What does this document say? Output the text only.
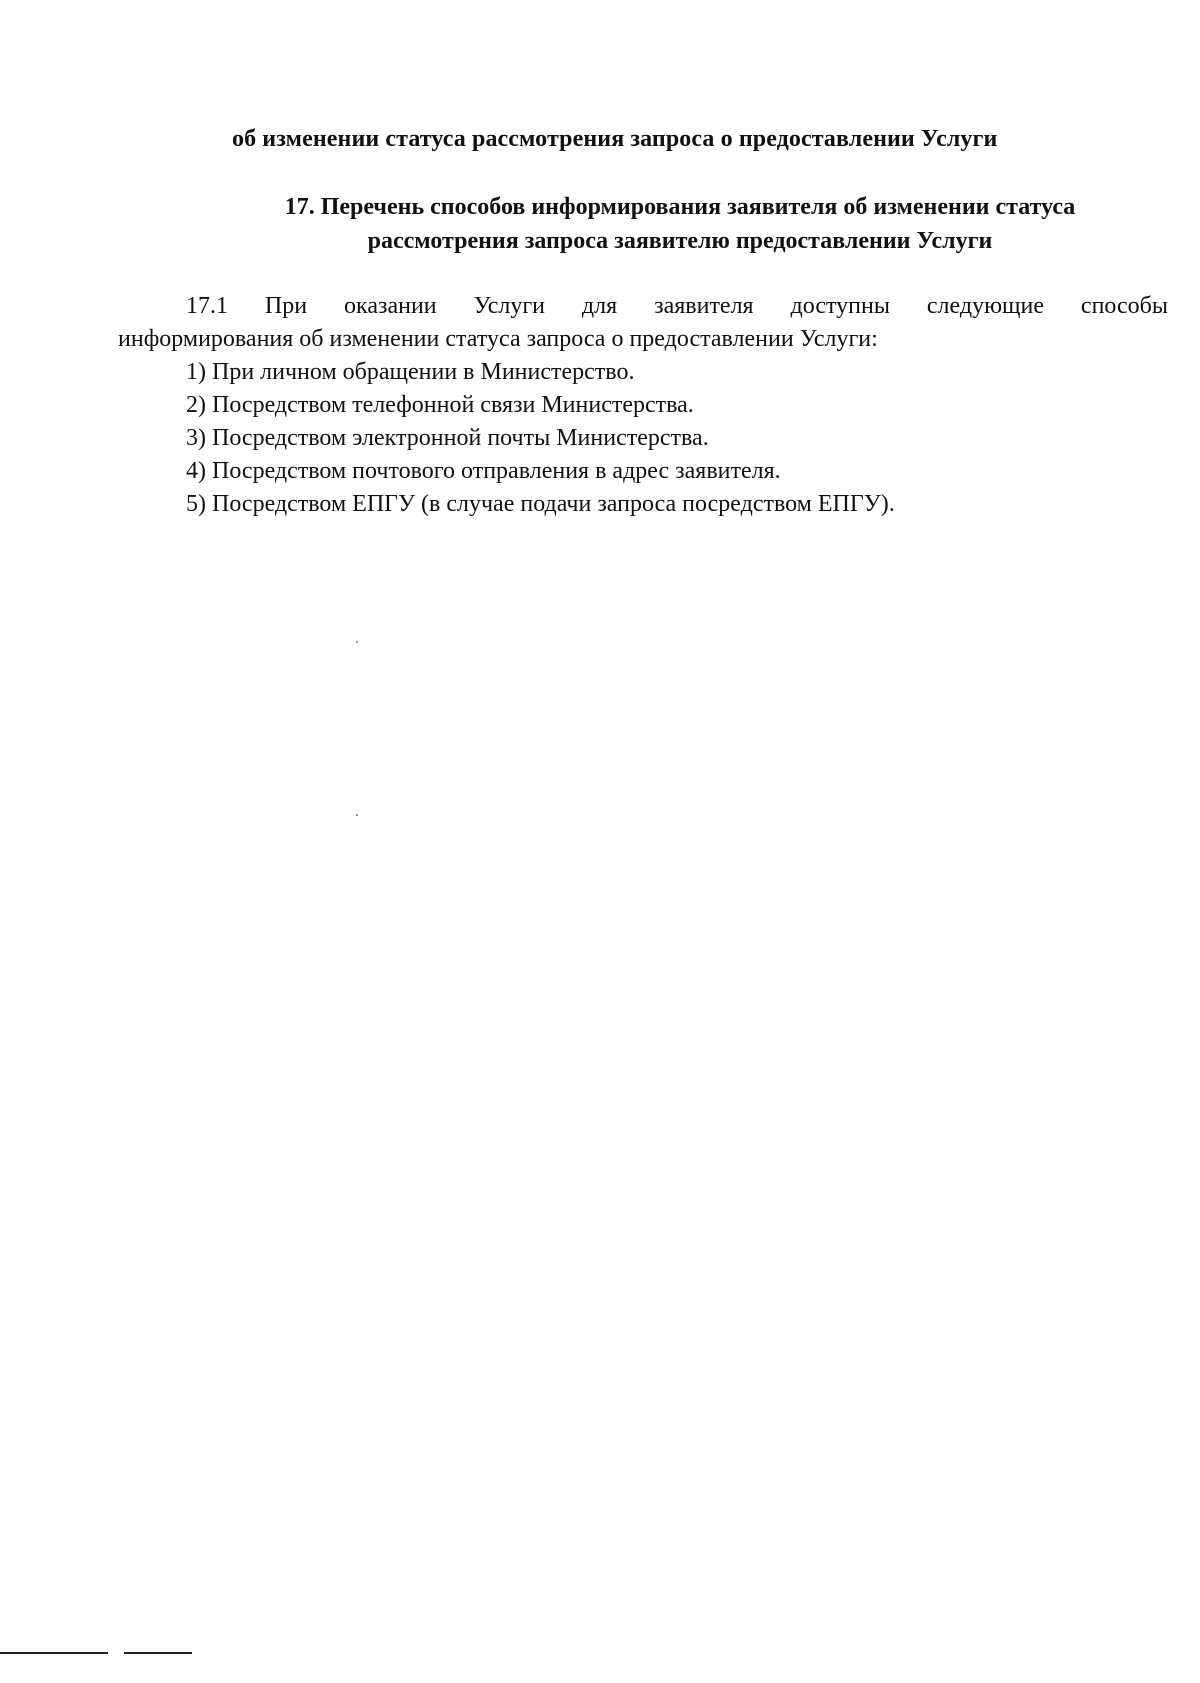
об изменении статуса рассмотрения запроса о предоставлении Услуги
17. Перечень способов информирования заявителя об изменении статуса
рассмотрения запроса заявителю предоставлении Услуги
17.1 При оказании Услуги для заявителя доступны следующие способы
информирования об изменении статуса запроса о предоставлении Услуги:
1) При личном обращении в Министерство.
2) Посредством телефонной связи Министерства.
3) Посредством электронной почты Министерства.
4) Посредством почтового отправления в адрес заявителя.
5) Посредством ЕПГУ (в случае подачи запроса посредством ЕПГУ).
